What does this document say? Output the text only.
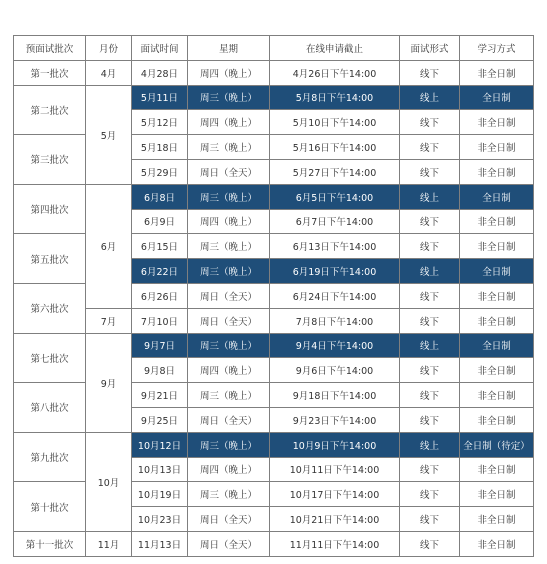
预面试批次	月份	面试时间	星期	在线申请截止	面试形式	学习方式
第一批次	4月	4月28日	周四（晚上）	4月26日下午14:00	线下	非全日制
第二批次	5月	5月11日	周三（晚上）	5月8日下午14:00	线上	全日制
		5月12日	周四（晚上）	5月10日下午14:00	线下	非全日制
第三批次		5月18日	周三（晚上）	5月16日下午14:00	线下	非全日制
		5月29日	周日（全天）	5月27日下午14:00	线下	非全日制
第四批次	6月	6月8日	周三（晚上）	6月5日下午14:00	线上	全日制
		6月9日	周四（晚上）	6月7日下午14:00	线下	非全日制
第五批次		6月15日	周三（晚上）	6月13日下午14:00	线下	非全日制
		6月22日	周三（晚上）	6月19日下午14:00	线上	全日制
第六批次		6月26日	周日（全天）	6月24日下午14:00	线下	非全日制
	7月	7月10日	周日（全天）	7月8日下午14:00	线下	非全日制
第七批次	9月	9月7日	周三（晚上）	9月4日下午14:00	线上	全日制
		9月8日	周四（晚上）	9月6日下午14:00	线下	非全日制
第八批次		9月21日	周三（晚上）	9月18日下午14:00	线下	非全日制
		9月25日	周日（全天）	9月23日下午14:00	线下	非全日制
第九批次	10月	10月12日	周三（晚上）	10月9日下午14:00	线上	全日制（待定）
		10月13日	周四（晚上）	10月11日下午14:00	线下	非全日制
第十批次		10月19日	周三（晚上）	10月17日下午14:00	线下	非全日制
		10月23日	周日（全天）	10月21日下午14:00	线下	非全日制
第十一批次	11月	11月13日	周日（全天）	11月11日下午14:00	线下	非全日制
